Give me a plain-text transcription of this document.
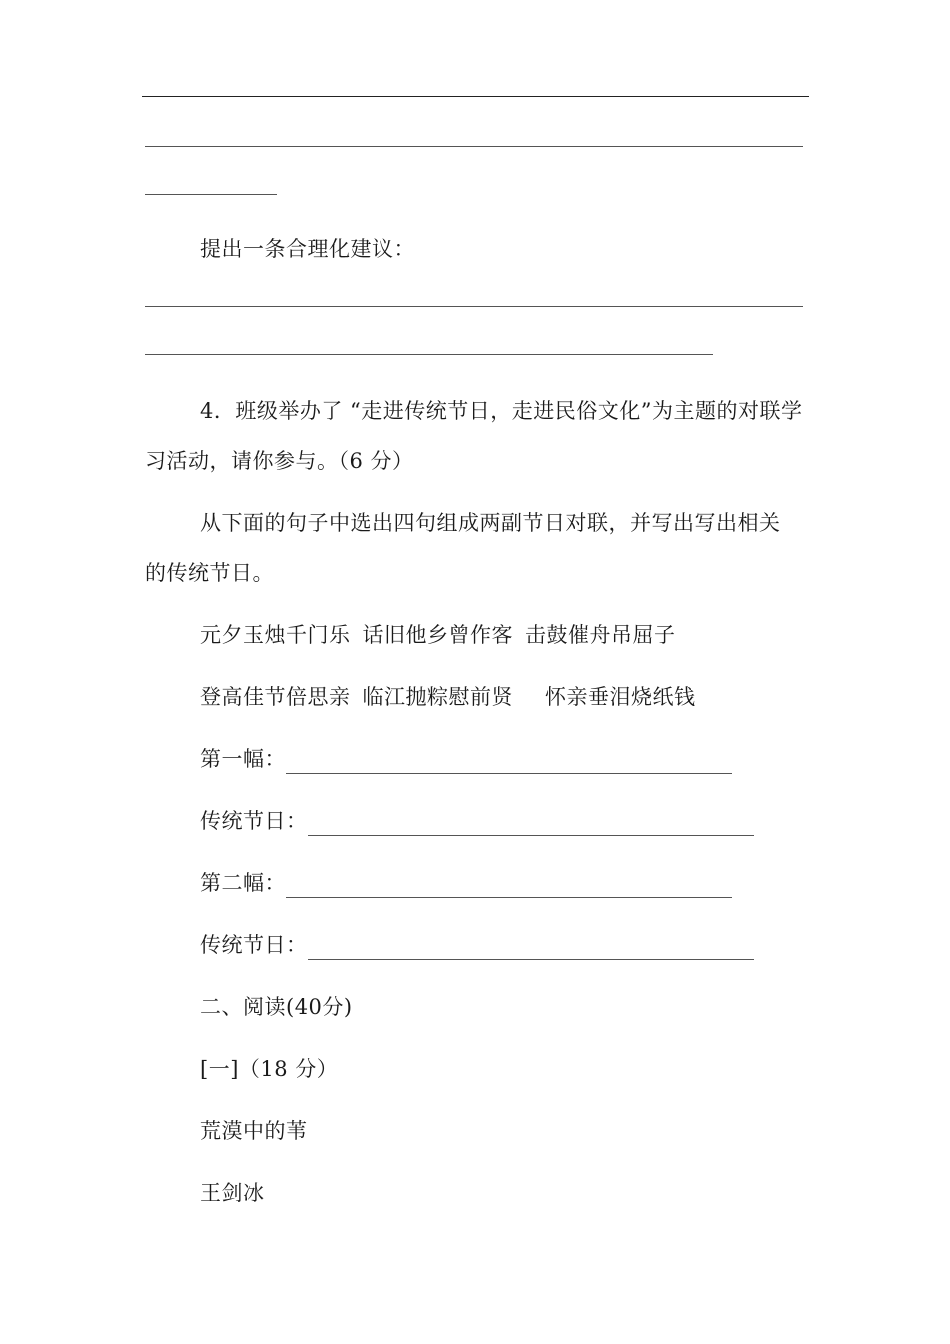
提出一条合理化建议：
4．班级举办了 “走进传统节日，走进民俗文化”为主题的对联学
习活动，请你参与。（6 分）
从下面的句子中选出四句组成两副节日对联，并写出写出相关
的传统节日。
元夕玉烛千门乐 话旧他乡曾作客 击鼓催舟吊屈子
登高佳节倍思亲 临江抛粽慰前贤 怀亲垂泪烧纸钱
第一幅：
传统节日：
第二幅：
传统节日：
二、阅读(40分)
[一]（18 分）
荒漠中的苇
王剑冰
